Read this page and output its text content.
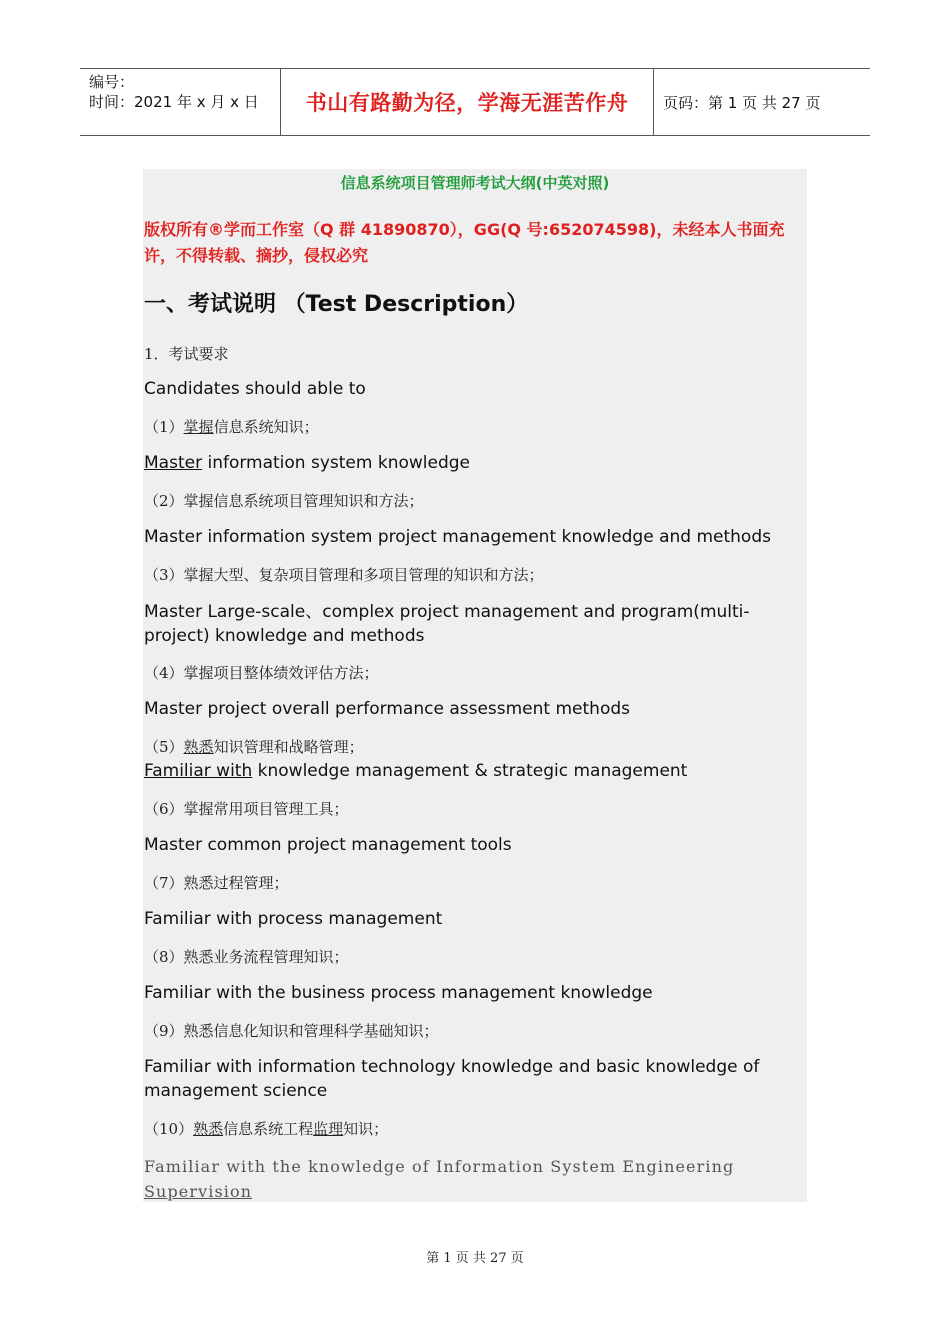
编号：
时间：2021 年 x 月 x 日	书山有路勤为径，学海无涯苦作舟	页码：第 1 页 共 27 页
信息系统项目管理师考试大纲(中英对照)
版权所有®学而工作室（Q 群 41890870），GG(Q 号:652074598)，未经本人书面充许，不得转载、摘抄，侵权必究
一、考试说明 （Test Description）
1．考试要求
Candidates should able to
（1）掌握信息系统知识；
Master information system knowledge
（2）掌握信息系统项目管理知识和方法；
Master information system project management knowledge and methods
（3）掌握大型、复杂项目管理和多项目管理的知识和方法；
Master Large-scale、complex project management and program(multi-project) knowledge and methods
（4）掌握项目整体绩效评估方法；
Master project overall performance assessment methods
（5）熟悉知识管理和战略管理；
Familiar with knowledge management & strategic management
（6）掌握常用项目管理工具；
Master common project management tools
（7）熟悉过程管理；
Familiar with process management
（8）熟悉业务流程管理知识；
Familiar with the business process management knowledge
（9）熟悉信息化知识和管理科学基础知识；
Familiar with information technology knowledge and basic knowledge of management science
（10）熟悉信息系统工程监理知识；
Familiar with the knowledge of Information System Engineering Supervision
第 1 页 共 27 页
